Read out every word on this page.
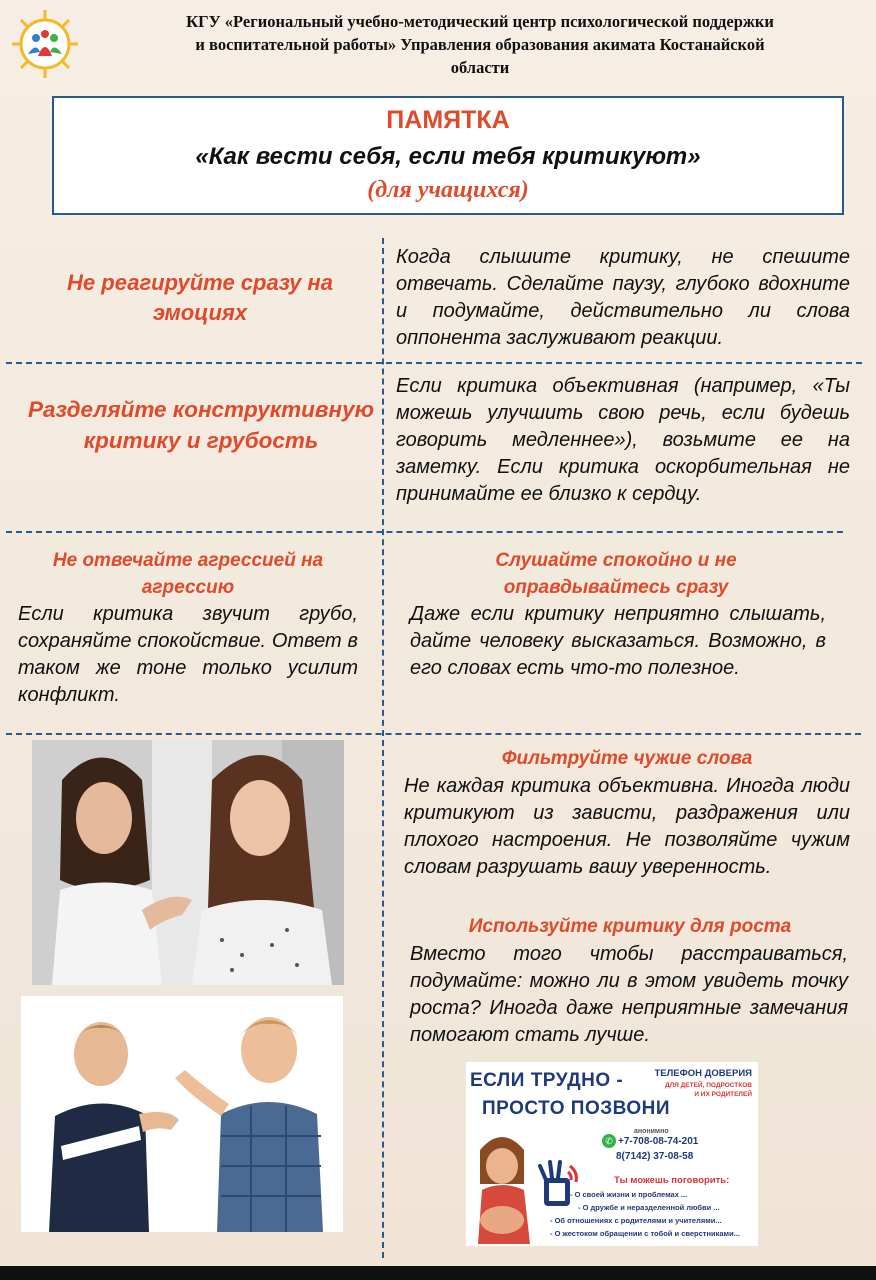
КГУ «Региональный учебно-методический центр психологической поддержки
и воспитательной работы» Управления образования акимата Костанайской
области
ПАМЯТКА
«Как вести себя, если тебя критикуют»
(для учащихся)
Не реагируйте сразу на эмоциях
Когда слышите критику, не спешите отвечать. Сделайте паузу, глубоко вдохните и подумайте, действительно ли слова оппонента заслуживают реакции.
Разделяйте конструктивную критику и грубость
Если критика объективная (например, «Ты можешь улучшить свою речь, если будешь говорить медленнее»), возьмите ее на заметку. Если критика оскорбительная не принимайте ее близко к сердцу.
Не отвечайте агрессией на агрессию
Если критика звучит грубо, сохраняйте спокойствие. Ответ в таком же тоне только усилит конфликт.
Слушайте спокойно и не оправдывайтесь сразу
Даже если критику неприятно слышать, дайте человеку высказаться. Возможно, в его словах есть что-то полезное.
Фильтруйте чужие слова
Не каждая критика объективна. Иногда люди критикуют из зависти, раздражения или плохого настроения. Не позволяйте чужим словам разрушать вашу уверенность.
Используйте критику для роста
Вместо того чтобы расстраиваться, подумайте: можно ли в этом увидеть точку роста? Иногда даже неприятные замечания помогают стать лучше.
ЕСЛИ ТРУДНО -
ПРОСТО ПОЗВОНИ
ТЕЛЕФОН ДОВЕРИЯ
ДЛЯ ДЕТЕЙ, ПОДРОСТКОВ
И ИХ РОДИТЕЛЕЙ
анонимно
✆ +7-708-08-74-201
8(7142) 37-08-58
Ты можешь поговорить:
- О своей жизни и проблемах ...
- О дружбе и неразделенной любви ...
- Об отношениях с родителями и учителями...
- О жестоком обращении с тобой и сверстниками...
